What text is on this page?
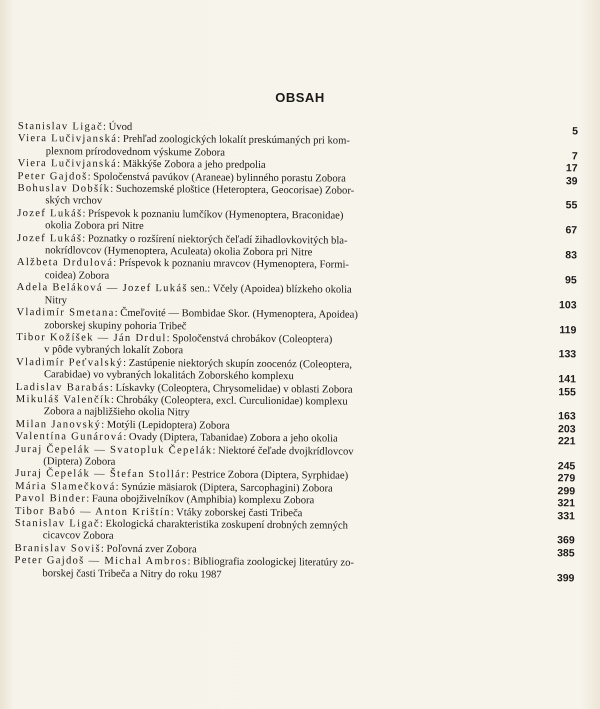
OBSAH
Stanislav Ligač: Úvod	5
Viera Lučivjanská: Prehľad zoologických lokalít preskúmaných pri kom-
plexnom prírodovednom výskume Zobora	7
Viera Lučivjanská: Mäkkýše Zobora a jeho predpolia	17
Peter Gajdoš: Spoločenstvá pavúkov (Araneae) bylinného porastu Zobora	39
Bohuslav Dobšík: Suchozemské ploštice (Heteroptera, Geocorisae) Zobor-
ských vrchov	55
Jozef Lukáš: Príspevok k poznaniu lumčíkov (Hymenoptera, Braconidae)
okolia Zobora pri Nitre	67
Jozef Lukáš: Poznatky o rozšírení niektorých čeľadí žihadlovkovitých bla-
nokrídlovcov (Hymenoptera, Aculeata) okolia Zobora pri Nitre	83
Alžbeta Drdulová: Príspevok k poznaniu mravcov (Hymenoptera, Formi-
coidea) Zobora	95
Adela Beláková — Jozef Lukáš sen.: Včely (Apoidea) blízkeho okolia
Nitry	103
Vladimír Smetana: Čmeľovité — Bombidae Skor. (Hymenoptera, Apoidea)
zoborskej skupiny pohoria Tribeč	119
Tibor Kožíšek — Ján Drdul: Spoločenstvá chrobákov (Coleoptera)
v pôde vybraných lokalít Zobora	133
Vladimír Peťvalský: Zastúpenie niektorých skupín zoocenóz (Coleoptera,
Carabidae) vo vybraných lokalitách Zoborského komplexu	141
Ladislav Barabás: Lískavky (Coleoptera, Chrysomelidae) v oblasti Zobora	155
Mikuláš Valenčík: Chrobáky (Coleoptera, excl. Curculionidae) komplexu
Zobora a najbližšieho okolia Nitry	163
Milan Janovský: Motýli (Lepidoptera) Zobora	203
Valentína Gunárová: Ovady (Diptera, Tabanidae) Zobora a jeho okolia	221
Juraj Čepelák — Svatopluk Čepelák: Niektoré čeľade dvojkrídlovcov
(Diptera) Zobora	245
Juraj Čepelák — Štefan Stollár: Pestrice Zobora (Diptera, Syrphidae)	279
Mária Slamečková: Synúzie mäsiarok (Diptera, Sarcophagini) Zobora	299
Pavol Binder: Fauna obojživelníkov (Amphibia) komplexu Zobora	321
Tibor Babó — Anton Krištín: Vtáky zoborskej časti Tribeča	331
Stanislav Ligač: Ekologická charakteristika zoskupení drobných zemných
cicavcov Zobora	369
Branislav Soviš: Poľovná zver Zobora	385
Peter Gajdoš — Michal Ambros: Bibliografia zoologickej literatúry zo-
borskej časti Tribeča a Nitry do roku 1987	399
